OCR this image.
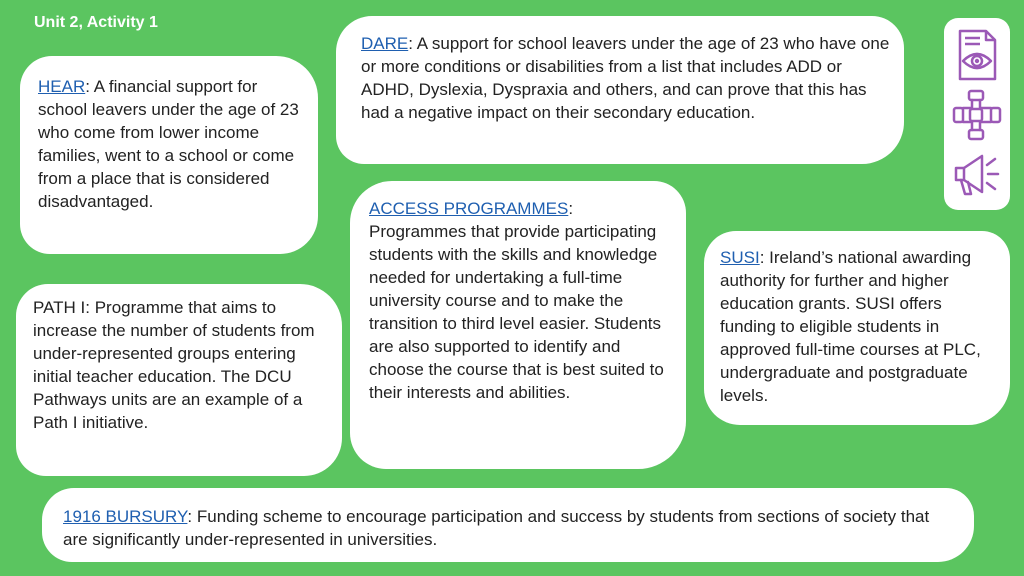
Unit 2, Activity 1
HEAR: A financial support for school leavers under the age of 23 who come from lower income families, went to a school or come from a place that is considered disadvantaged.
DARE: A support for school leavers under the age of 23 who have one or more conditions or disabilities from a list that includes ADD or ADHD, Dyslexia, Dyspraxia and others, and can prove that this has had a negative impact on their secondary education.
ACCESS PROGRAMMES: Programmes that provide participating students with the skills and knowledge needed for undertaking a full-time university course and to make the transition to third level easier. Students are also supported to identify and choose the course that is best suited to their interests and abilities.
SUSI: Ireland’s national awarding authority for further and higher education grants. SUSI offers funding to eligible students in approved full-time courses at PLC, undergraduate and postgraduate levels.
PATH I: Programme that aims to increase the number of students from under-represented groups entering initial teacher education. The DCU Pathways units are an example of a Path I initiative.
1916 BURSURY: Funding scheme to encourage participation and success by students from sections of society that are significantly under-represented in universities.
